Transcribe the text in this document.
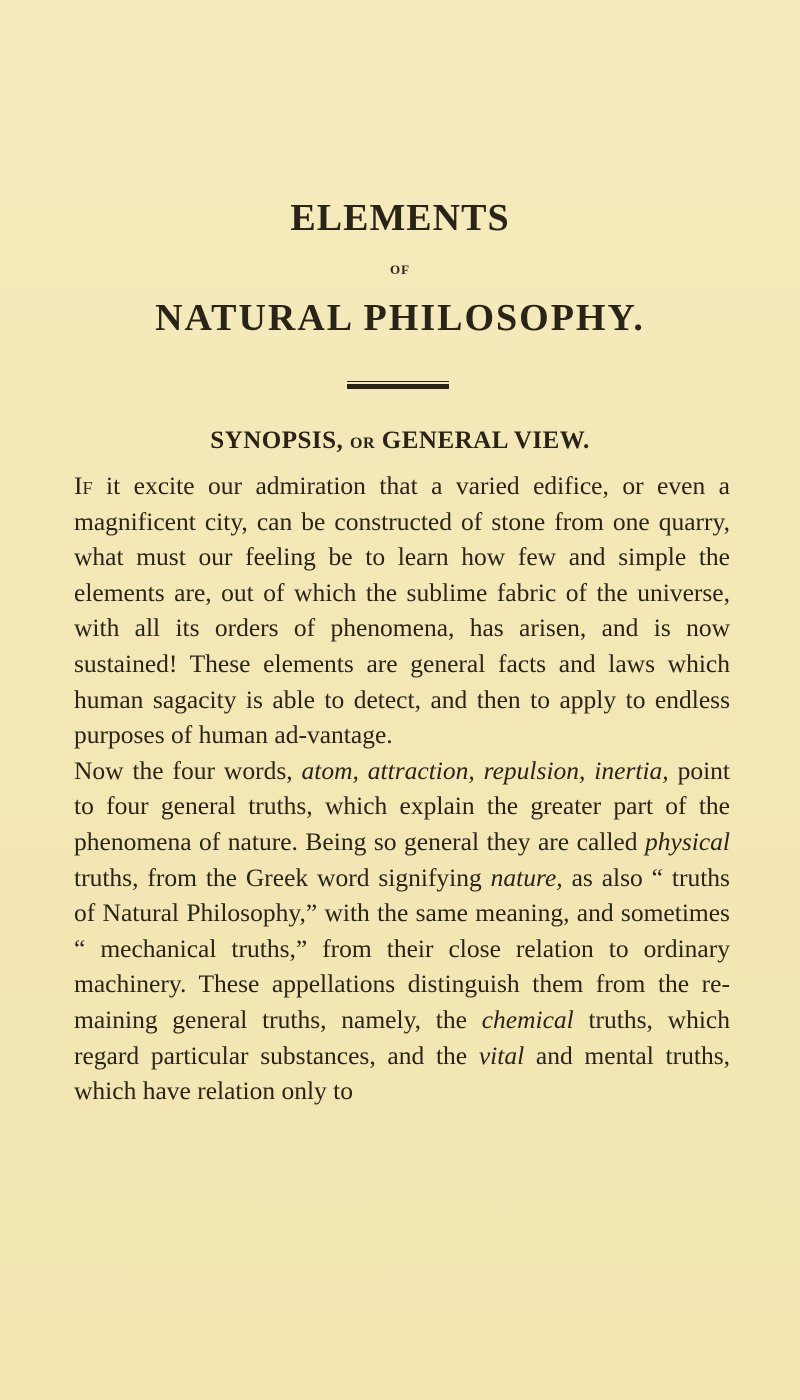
ELEMENTS
OF
NATURAL PHILOSOPHY.
SYNOPSIS, OR GENERAL VIEW.

If it excite our admiration that a varied edifice, or even a magnificent city, can be constructed of stone from one quarry, what must our feeling be to learn how few and simple the elements are, out of which the sublime fabric of the universe, with all its orders of phenomena, has arisen, and is now sustained! These elements are general facts and laws which human sagacity is able to detect, and then to apply to endless purposes of human ad-vantage.

Now the four words, atom, attraction, repulsion, inertia, point to four general truths, which explain the greater part of the phenomena of nature. Being so general they are called physical truths, from the Greek word signifying nature, as also “ truths of Natural Philosophy,” with the same meaning, and sometimes “ mechanical truths,” from their close relation to ordinary machinery. These appellations distinguish them from the re-maining general truths, namely, the chemical truths, which regard particular substances, and the vital and mental truths, which have relation only to
